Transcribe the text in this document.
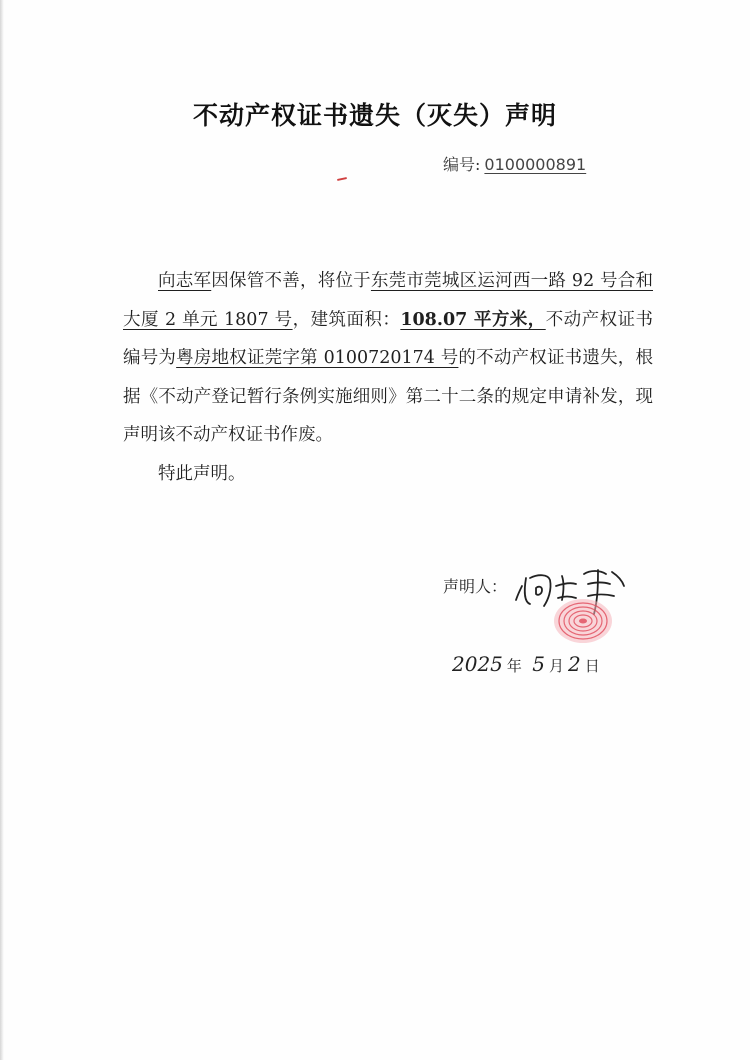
不动产权证书遗失（灭失）声明
编号: 0100000891

向志军因保管不善，将位于东莞市莞城区运河西一路 92 号合和大厦 2 单元 1807 号，建筑面积：108.07 平方米，不动产权证书编号为粤房地权证莞字第 0100720174 号的不动产权证书遗失，根据《不动产登记暂行条例实施细则》第二十二条的规定申请补发，现声明该不动产权证书作废。

特此声明。

声明人：
2025 年 5 月 2 日
